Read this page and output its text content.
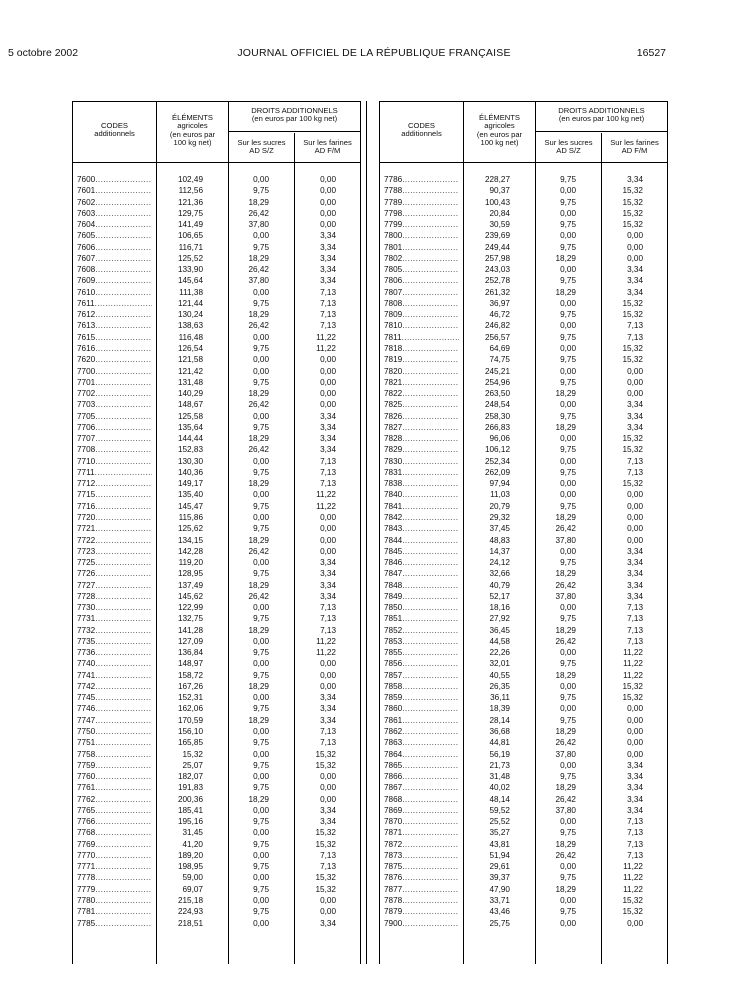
5 octobre 2002	JOURNAL OFFICIEL DE LA RÉPUBLIQUE FRANÇAISE	16527
CODES
additionnels
ÉLÉMENTS
agricoles
(en euros par
100 kg net)
DROITS ADDITIONNELS
(en euros par 100 kg net)
Sur les sucres
AD S/Z
Sur les farines
AD F/M
7600 .....	102,49	0,00	0,00
7601 .....	112,56	9,75	0,00
7602 .....	121,36	18,29	0,00
7603 .....	129,75	26,42	0,00
7604 .....	141,49	37,80	0,00
7605 .....	106,65	0,00	3,34
7606 .....	116,71	9,75	3,34
7607 .....	125,52	18,29	3,34
7608 .....	133,90	26,42	3,34
7609 .....	145,64	37,80	3,34
7610 .....	111,38	0,00	7,13
7611 .....	121,44	9,75	7,13
7612 .....	130,24	18,29	7,13
7613 .....	138,63	26,42	7,13
7615 .....	116,48	0,00	11,22
7616 .....	126,54	9,75	11,22
7620 .....	121,58	0,00	0,00
7700 .....	121,42	0,00	0,00
7701 .....	131,48	9,75	0,00
7702 .....	140,29	18,29	0,00
7703 .....	148,67	26,42	0,00
7705 .....	125,58	0,00	3,34
7706 .....	135,64	9,75	3,34
7707 .....	144,44	18,29	3,34
7708 .....	152,83	26,42	3,34
7710 .....	130,30	0,00	7,13
7711 .....	140,36	9,75	7,13
7712 .....	149,17	18,29	7,13
7715 .....	135,40	0,00	11,22
7716 .....	145,47	9,75	11,22
7720 .....	115,86	0,00	0,00
7721 .....	125,62	9,75	0,00
7722 .....	134,15	18,29	0,00
7723 .....	142,28	26,42	0,00
7725 .....	119,20	0,00	3,34
7726 .....	128,95	9,75	3,34
7727 .....	137,49	18,29	3,34
7728 .....	145,62	26,42	3,34
7730 .....	122,99	0,00	7,13
7731 .....	132,75	9,75	7,13
7732 .....	141,28	18,29	7,13
7735 .....	127,09	0,00	11,22
7736 .....	136,84	9,75	11,22
7740 .....	148,97	0,00	0,00
7741 .....	158,72	9,75	0,00
7742 .....	167,26	18,29	0,00
7745 .....	152,31	0,00	3,34
7746 .....	162,06	9,75	3,34
7747 .....	170,59	18,29	3,34
7750 .....	156,10	0,00	7,13
7751 .....	165,85	9,75	7,13
7758 .....	15,32	0,00	15,32
7759 .....	25,07	9,75	15,32
7760 .....	182,07	0,00	0,00
7761 .....	191,83	9,75	0,00
7762 .....	200,36	18,29	0,00
7765 .....	185,41	0,00	3,34
7766 .....	195,16	9,75	3,34
7768 .....	31,45	0,00	15,32
7769 .....	41,20	9,75	15,32
7770 .....	189,20	0,00	7,13
7771 .....	198,95	9,75	7,13
7778 .....	59,00	0,00	15,32
7779 .....	69,07	9,75	15,32
7780 .....	215,18	0,00	0,00
7781 .....	224,93	9,75	0,00
7785 .....	218,51	0,00	3,34
CODES
additionnels
ÉLÉMENTS
agricoles
(en euros par
100 kg net)
DROITS ADDITIONNELS
(en euros par 100 kg net)
Sur les sucres
AD S/Z
Sur les farines
AD F/M
7786 .....	228,27	9,75	3,34
7788 .....	90,37	0,00	15,32
7789 .....	100,43	9,75	15,32
7798 .....	20,84	0,00	15,32
7799 .....	30,59	9,75	15,32
7800 .....	239,69	0,00	0,00
7801 .....	249,44	9,75	0,00
7802 .....	257,98	18,29	0,00
7805 .....	243,03	0,00	3,34
7806 .....	252,78	9,75	3,34
7807 .....	261,32	18,29	3,34
7808 .....	36,97	0,00	15,32
7809 .....	46,72	9,75	15,32
7810 .....	246,82	0,00	7,13
7811 .....	256,57	9,75	7,13
7818 .....	64,69	0,00	15,32
7819 .....	74,75	9,75	15,32
7820 .....	245,21	0,00	0,00
7821 .....	254,96	9,75	0,00
7822 .....	263,50	18,29	0,00
7825 .....	248,54	0,00	3,34
7826 .....	258,30	9,75	3,34
7827 .....	266,83	18,29	3,34
7828 .....	96,06	0,00	15,32
7829 .....	106,12	9,75	15,32
7830 .....	252,34	0,00	7,13
7831 .....	262,09	9,75	7,13
7838 .....	97,94	0,00	15,32
7840 .....	11,03	0,00	0,00
7841 .....	20,79	9,75	0,00
7842 .....	29,32	18,29	0,00
7843 .....	37,45	26,42	0,00
7844 .....	48,83	37,80	0,00
7845 .....	14,37	0,00	3,34
7846 .....	24,12	9,75	3,34
7847 .....	32,66	18,29	3,34
7848 .....	40,79	26,42	3,34
7849 .....	52,17	37,80	3,34
7850 .....	18,16	0,00	7,13
7851 .....	27,92	9,75	7,13
7852 .....	36,45	18,29	7,13
7853 .....	44,58	26,42	7,13
7855 .....	22,26	0,00	11,22
7856 .....	32,01	9,75	11,22
7857 .....	40,55	18,29	11,22
7858 .....	26,35	0,00	15,32
7859 .....	36,11	9,75	15,32
7860 .....	18,39	0,00	0,00
7861 .....	28,14	9,75	0,00
7862 .....	36,68	18,29	0,00
7863 .....	44,81	26,42	0,00
7864 .....	56,19	37,80	0,00
7865 .....	21,73	0,00	3,34
7866 .....	31,48	9,75	3,34
7867 .....	40,02	18,29	3,34
7868 .....	48,14	26,42	3,34
7869 .....	59,52	37,80	3,34
7870 .....	25,52	0,00	7,13
7871 .....	35,27	9,75	7,13
7872 .....	43,81	18,29	7,13
7873 .....	51,94	26,42	7,13
7875 .....	29,61	0,00	11,22
7876 .....	39,37	9,75	11,22
7877 .....	47,90	18,29	11,22
7878 .....	33,71	0,00	15,32
7879 .....	43,46	9,75	15,32
7900 .....	25,75	0,00	0,00
